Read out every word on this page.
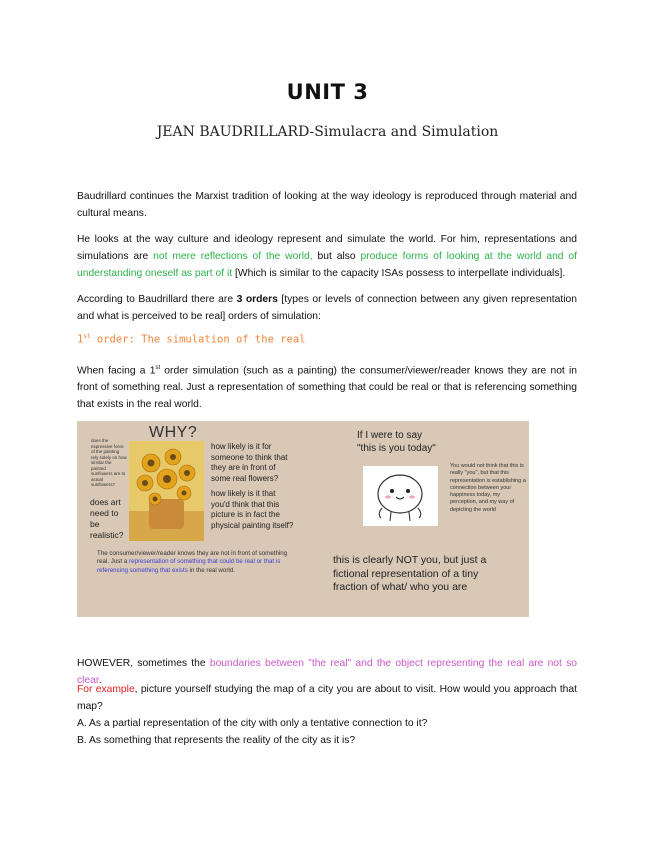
UNIT 3
JEAN BAUDRILLARD-Simulacra and Simulation
Baudrillard continues the Marxist tradition of looking at the way ideology is reproduced through material and cultural means.
He looks at the way culture and ideology represent and simulate the world. For him, representations and simulations are not mere reflections of the world, but also produce forms of looking at the world and of understanding oneself as part of it [Which is similar to the capacity ISAs possess to interpellate individuals].
According to Baudrillard there are 3 orders [types or levels of connection between any given representation and what is perceived to be real] orders of simulation:
1st order: The simulation of the real
When facing a 1st order simulation (such as a painting) the consumer/viewer/reader knows they are not in front of something real. Just a representation of something that could be real or that is referencing something that exists in the real world.
WHY?
does the expressive force of the painting rely solely on how similar the painted sunflowers are to actual sunflowers?
does art need to be realistic?
how likely is it for someone to think that they are in front of some real flowers?
how likely is it that you'd think that this picture is in fact the physical painting itself?
The consumer/viewer/reader knows they are not in front of something real. Just a representation of something that could be real or that is referencing something that exists in the real world.
If I were to say
"this is you today"
You would not think that this is really "you", but that this representation is establishing a connection between your happiness today, my perception, and my way of depicting the world
this is clearly NOT you, but just a fictional representation of a tiny fraction of what/ who you are
HOWEVER, sometimes the boundaries between "the real" and the object representing the real are not so clear.
For example, picture yourself studying the map of a city you are about to visit. How would you approach that map?
A. As a partial representation of the city with only a tentative connection to it?
B. As something that represents the reality of the city as it is?
